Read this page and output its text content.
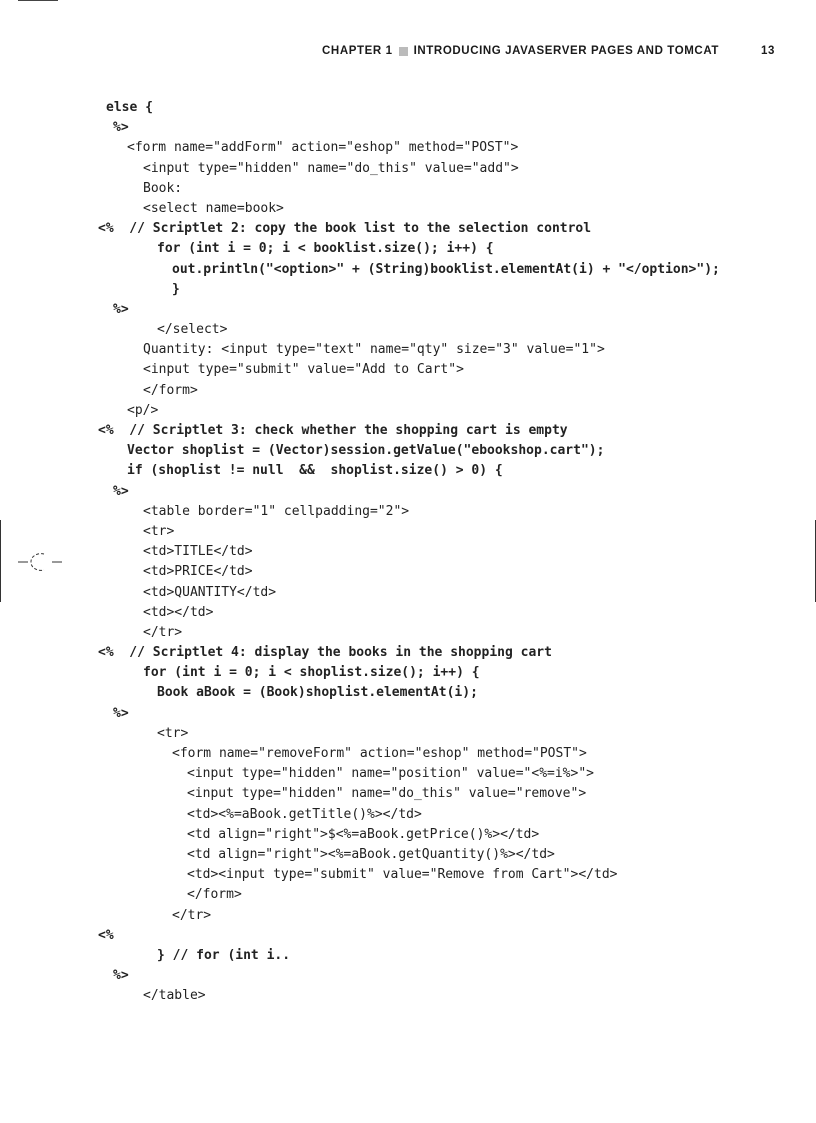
CHAPTER 1 INTRODUCING JAVASERVER PAGES AND TOMCAT	13
else {
%>
<form name="addForm" action="eshop" method="POST">
<input type="hidden" name="do_this" value="add">
Book:
<select name=book>
<%  // Scriptlet 2: copy the book list to the selection control
for (int i = 0; i < booklist.size(); i++) {
out.println("<option>" + (String)booklist.elementAt(i) + "</option>");
}
%>
</select>
Quantity: <input type="text" name="qty" size="3" value="1">
<input type="submit" value="Add to Cart">
</form>
<p/>
<%  // Scriptlet 3: check whether the shopping cart is empty
Vector shoplist = (Vector)session.getValue("ebookshop.cart");
if (shoplist != null  &&  shoplist.size() > 0) {
%>
<table border="1" cellpadding="2">
<tr>
<td>TITLE</td>
<td>PRICE</td>
<td>QUANTITY</td>
<td></td>
</tr>
<%  // Scriptlet 4: display the books in the shopping cart
for (int i = 0; i < shoplist.size(); i++) {
Book aBook = (Book)shoplist.elementAt(i);
%>
<tr>
<form name="removeForm" action="eshop" method="POST">
<input type="hidden" name="position" value="<%=i%>">
<input type="hidden" name="do_this" value="remove">
<td><%=aBook.getTitle()%></td>
<td align="right">$<%=aBook.getPrice()%></td>
<td align="right"><%=aBook.getQuantity()%></td>
<td><input type="submit" value="Remove from Cart"></td>
</form>
</tr>
<%
} // for (int i..
%>
</table>
